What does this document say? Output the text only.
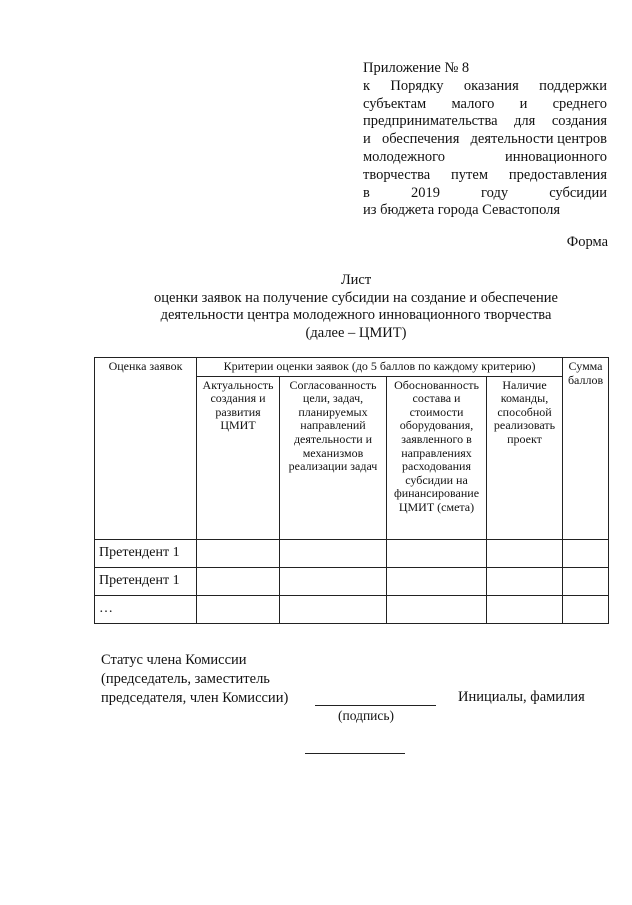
Приложение № 8
к Порядку оказания поддержки
субъектам малого и среднего
предпринимательства для создания
и обеспечения деятельности центров
молодежного	инновационного
творчества путем предоставления
в	2019	году	субсидии
из бюджета города Севастополя
Форма
Лист
оценки заявок на получение субсидии на создание и обеспечение
деятельности центра молодежного инновационного творчества
(далее – ЦМИТ)
Оценка заявок	Критерии оценки заявок (до 5 баллов по каждому критерию)				Сумма баллов
	Актуальность создания и развития ЦМИТ	Согласованность цели, задач, планируемых направлений деятельности и механизмов реализации задач	Обоснованность состава и стоимости оборудования, заявленного в направлениях расходования субсидии на финансирование ЦМИТ (смета)	Наличие команды, способной реализовать проект	
Претендент 1					
Претендент 1					
…					
Статус члена Комиссии
(председатель, заместитель
председателя, член Комиссии)
(подпись)
Инициалы, фамилия
